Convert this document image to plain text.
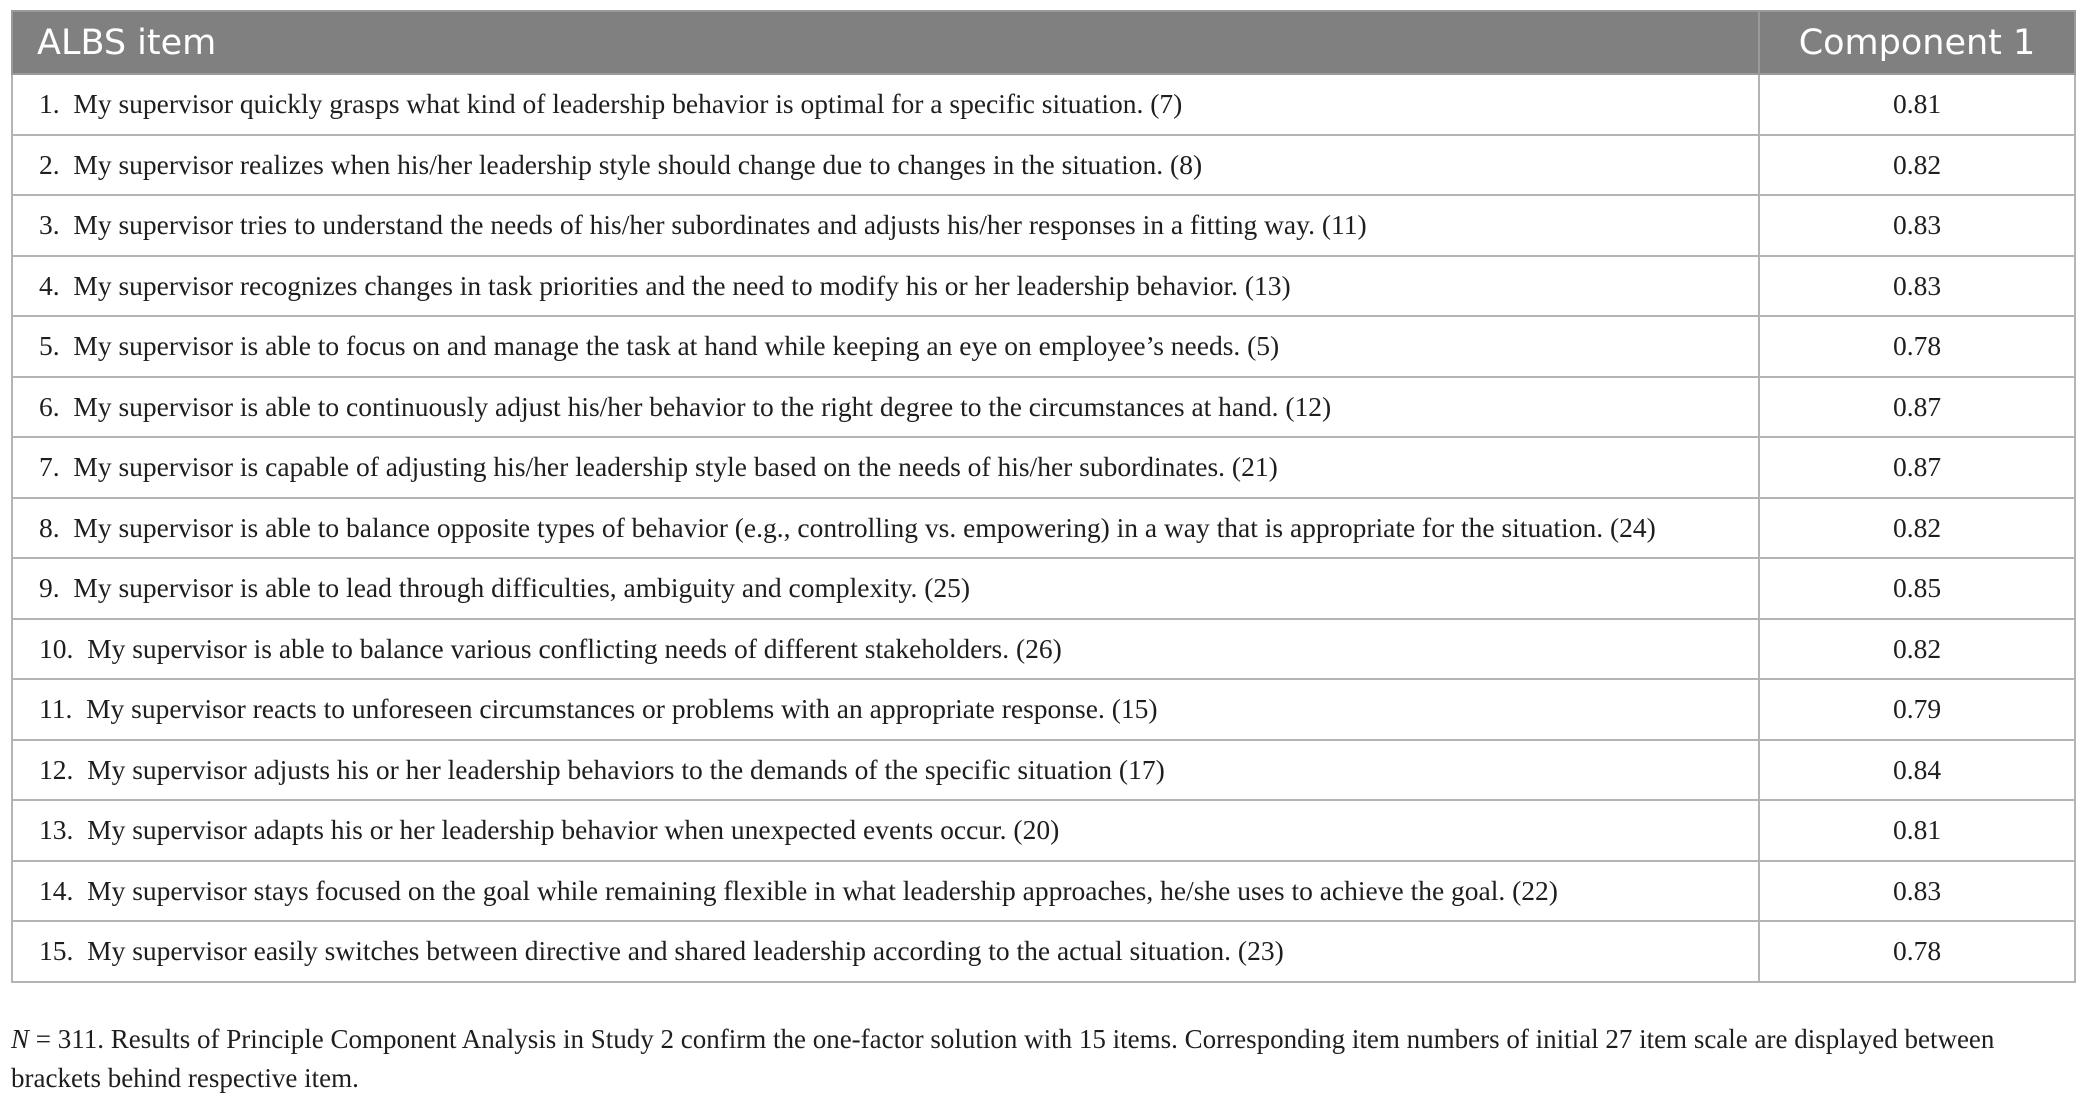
ALBS item	Component 1
1. My supervisor quickly grasps what kind of leadership behavior is optimal for a specific situation. (7)	0.81
2. My supervisor realizes when his/her leadership style should change due to changes in the situation. (8)	0.82
3. My supervisor tries to understand the needs of his/her subordinates and adjusts his/her responses in a fitting way. (11)	0.83
4. My supervisor recognizes changes in task priorities and the need to modify his or her leadership behavior. (13)	0.83
5. My supervisor is able to focus on and manage the task at hand while keeping an eye on employee’s needs. (5)	0.78
6. My supervisor is able to continuously adjust his/her behavior to the right degree to the circumstances at hand. (12)	0.87
7. My supervisor is capable of adjusting his/her leadership style based on the needs of his/her subordinates. (21)	0.87
8. My supervisor is able to balance opposite types of behavior (e.g., controlling vs. empowering) in a way that is appropriate for the situation. (24)	0.82
9. My supervisor is able to lead through difficulties, ambiguity and complexity. (25)	0.85
10. My supervisor is able to balance various conflicting needs of different stakeholders. (26)	0.82
11. My supervisor reacts to unforeseen circumstances or problems with an appropriate response. (15)	0.79
12. My supervisor adjusts his or her leadership behaviors to the demands of the specific situation (17)	0.84
13. My supervisor adapts his or her leadership behavior when unexpected events occur. (20)	0.81
14. My supervisor stays focused on the goal while remaining flexible in what leadership approaches, he/she uses to achieve the goal. (22)	0.83
15. My supervisor easily switches between directive and shared leadership according to the actual situation. (23)	0.78
N = 311. Results of Principle Component Analysis in Study 2 confirm the one-factor solution with 15 items. Corresponding item numbers of initial 27 item scale are displayed between brackets behind respective item.
